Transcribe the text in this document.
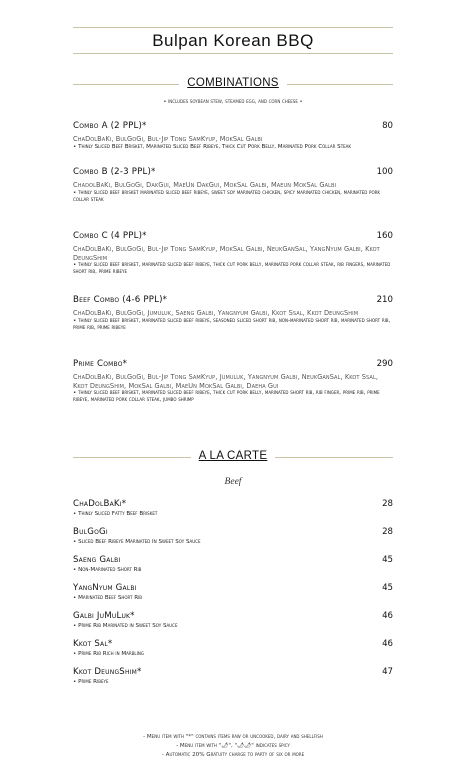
Bulpan Korean BBQ
COMBINATIONS
• includes soybean stew, steamed egg, and corn cheese •
Combo A (2 PPL)*	80
ChaDolBaKi, BulGoGi, Bul-Jip Tong SamKyup, MokSal Galbi
• Thinly Sliced Beef Brisket, Marinated Sliced Beef Ribeye, Thick Cut Pork Belly, Marinated Pork Collar Steak
Combo B (2-3 PPL)*	100
ChadolBaKi, BulGoGi, DakGui, MaeUn DakGui, MokSal Galbi, Maeun MokSal Galbi
• thinly sliced beef brisket marinated sliced beef ribeye, sweet soy marinated chicken, spicy marinated chicken, marinated pork collar steak
Combo C (4 PPL)*	160
ChaDolBaKi, BulGoGi, Bul-Jip Tong SamKyup, MokSal Galbi, NeukGanSal, YangNyum Galbi, Kkot DeungShim
• thinly sliced beef brisket, marinated sliced beef ribeye, thick cut pork belly, marinated pork collar steak, rib fingers, marinated short rib, prime ribeye
Beef Combo (4-6 PPL)*	210
ChaDolBaKi, BulGoGi, Jumuluk, Saeng Galbi, Yangnyum Galbi, Kkot Ssal, Kkot DeungShim
• thinly sliced beef brisket, marinated sliced beef ribeye, seasoned sliced short rib, non-marinated short rib, marinated short rib, prime rib, prime ribeye
Prime Combo*	290
ChaDolBaKi, BulGoGi, Bul-Jip Tong SamKyup, Jumuluk, Yangnyum Galbi, NeukGanSal, Kkot Ssal, Kkot DeungShim, MokSal Galbi, MaeUn MokSal Galbi, Daeha Gui
• thinly sliced beef brisket, marinated sliced beef ribeye, thick cut pork belly, marinated short rib, rib finger, prime rib, prime ribeye, marinated pork collar steak, jumbo shrimp
A LA CARTE
Beef
ChaDolBaKi*	28
• Thinly Sliced Fatty Beef Brisket
BulGoGi	28
• Sliced Beef Ribeye Marinated In Sweet Soy Sauce
Saeng Galbi	45
• Non-Marinated Short Rib
YangNyum Galbi	45
• Marinated Beef Short Rib
Galbi JuMuLuk*	46
• Prime Rib Marinated in Sweet Soy Sauce
Kkot Sal*	46
• Prime Rib Rich in Marbling
Kkot DeungShim*	47
• Prime Ribeye
- Menu item with "*" contains items raw or uncooked, dairy and shellfish
- Menu item with "🌶", "🌶🌶" indicates spicy
- Automatic 20% Gratuity charge to party of six or more
